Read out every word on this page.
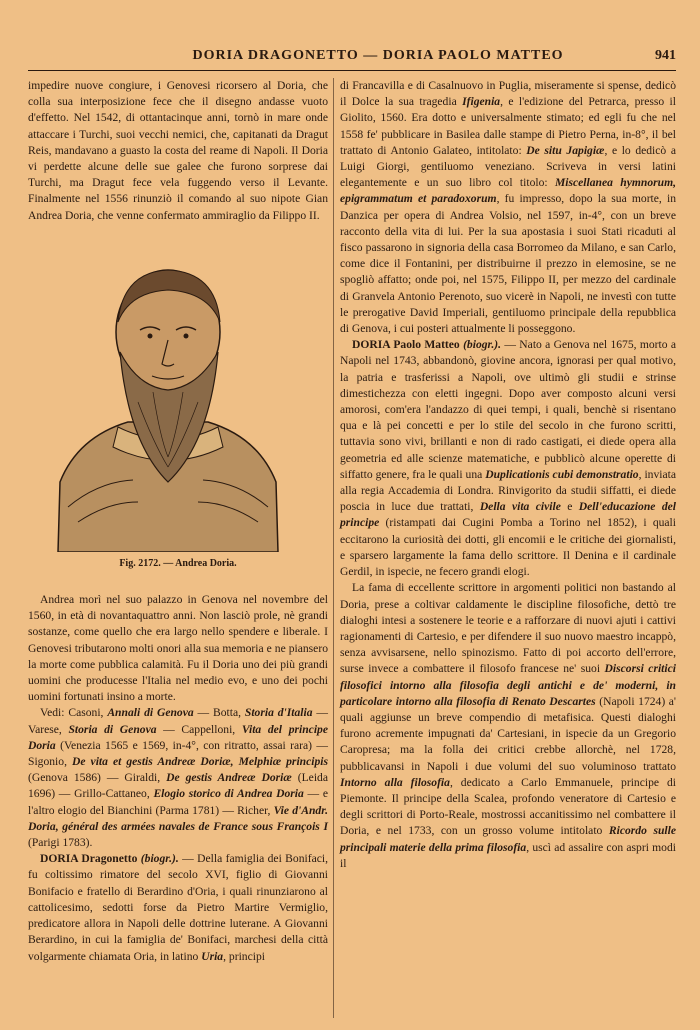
DORIA DRAGONETTO — DORIA PAOLO MATTEO	941

impedire nuove congiure, i Genovesi ricorsero al Doria, che colla sua interposizione fece che il disegno andasse vuoto d'effetto. Nel 1542, di ottantacinque anni, tornò in mare onde attaccare i Turchi, suoi vecchi nemici, che, capitanati da Dragut Reis, mandavano a guasto la costa del reame di Napoli. Il Doria vi perdette alcune delle sue galee che furono sorprese dai Turchi, ma Dragut fece vela fuggendo verso il Levante. Finalmente nel 1556 rinunziò il comando al suo nipote Gian Andrea Doria, che venne confermato ammiraglio da Filippo II.

Fig. 2172. — Andrea Doria.

Andrea morì nel suo palazzo in Genova nel novembre del 1560, in età di novantaquattro anni. Non lasciò prole, nè grandi sostanze, come quello che era largo nello spendere e liberale. I Genovesi tributarono molti onori alla sua memoria e ne piansero la morte come pubblica calamità. Fu il Doria uno dei più grandi uomini che producesse l'Italia nel medio evo, e uno dei pochi uomini fortunati insino a morte.

Vedi: Casoni, Annali di Genova — Botta, Storia d'Italia — Varese, Storia di Genova — Cappelloni, Vita del principe Doria (Venezia 1565 e 1569, in-4°, con ritratto, assai rara) — Sigonio, De vita et gestis Andreæ Doriæ, Melphiæ principis (Genova 1586) — Giraldi, De gestis Andreæ Doriæ (Leida 1696) — Grillo-Cattaneo, Elogio storico di Andrea Doria — e l'altro elogio del Bianchini (Parma 1781) — Richer, Vie d'Andr. Doria, général des armées navales de France sous François I (Parigi 1783).

DORIA Dragonetto (biogr.). — Della famiglia dei Bonifaci, fu coltissimo rimatore del secolo XVI, figlio di Giovanni Bonifacio e fratello di Berardino d'Oria, i quali rinunziarono al cattolicesimo, sedotti forse da Pietro Martire Vermiglio, predicatore allora in Napoli delle dottrine luterane. A Giovanni Berardino, in cui la famiglia de' Bonifaci, marchesi della città volgarmente chiamata Oria, in latino Uria, principi

di Francavilla e di Casalnuovo in Puglia, miseramente si spense, dedicò il Dolce la sua tragedia Ifigenia, e l'edizione del Petrarca, presso il Giolito, 1560. Era dotto e universalmente stimato; ed egli fu che nel 1558 fe' pubblicare in Basilea dalle stampe di Pietro Perna, in-8°, il bel trattato di Antonio Galateo, intitolato: De situ Japigiæ, e lo dedicò a Luigi Giorgi, gentiluomo veneziano. Scriveva in versi latini elegantemente e un suo libro col titolo: Miscellanea hymnorum, epigrammatum et paradoxorum, fu impresso, dopo la sua morte, in Danzica per opera di Andrea Volsio, nel 1597, in-4°, con un breve racconto della vita di lui. Per la sua apostasia i suoi Stati ricaduti al fisco passarono in signoria della casa Borromeo da Milano, e san Carlo, come dice il Fontanini, per distribuirne il prezzo in elemosine, se ne spogliò affatto; onde poi, nel 1575, Filippo II, per mezzo del cardinale di Granvela Antonio Perenoto, suo vicerè in Napoli, ne investì con tutte le prerogative David Imperiali, gentiluomo principale della repubblica di Genova, i cui posteri attualmente li posseggono.

DORIA Paolo Matteo (biogr.). — Nato a Genova nel 1675, morto a Napoli nel 1743, abbandonò, giovine ancora, ignorasi per qual motivo, la patria e trasferissi a Napoli, ove ultimò gli studii e strinse dimestichezza con eletti ingegni. Dopo aver composto alcuni versi amorosi, com'era l'andazzo di quei tempi, i quali, benchè si risentano qua e là pei concetti e per lo stile del secolo in che furono scritti, tuttavia sono vivi, brillanti e non di rado castigati, ei diede opera alla geometria ed alle scienze matematiche, e pubblicò alcune operette di siffatto genere, fra le quali una Duplicationis cubi demonstratio, inviata alla regia Accademia di Londra. Rinvigorito da studii siffatti, ei diede poscia in luce due trattati, Della vita civile e Dell'educazione del principe (ristampati dai Cugini Pomba a Torino nel 1852), i quali eccitarono la curiosità dei dotti, gli encomii e le critiche dei giornalisti, e sparsero largamente la fama dello scrittore. Il Denina e il cardinale Gerdil, in ispecie, ne fecero grandi elogi.

La fama di eccellente scrittore in argomenti politici non bastando al Doria, prese a coltivar caldamente le discipline filosofiche, dettò tre dialoghi intesi a sostenere le teorie e a rafforzare di nuovi ajuti i cattivi ragionamenti di Cartesio, e per difendere il suo nuovo maestro incappò, senza avvisarsene, nello spinozismo. Fatto di poi accorto dell'errore, surse invece a combattere il filosofo francese ne' suoi Discorsi critici filosofici intorno alla filosofia degli antichi e de' moderni, in particolare intorno alla filosofia di Renato Descartes (Napoli 1724) a' quali aggiunse un breve compendio di metafisica. Questi dialoghi furono acremente impugnati da' Cartesiani, in ispecie da un Gregorio Caropresa; ma la folla dei critici crebbe allorchè, nel 1728, pubblicavansi in Napoli i due volumi del suo voluminoso trattato Intorno alla filosofia, dedicato a Carlo Emmanuele, principe di Piemonte. Il principe della Scalea, profondo veneratore di Cartesio e degli scrittori di Porto-Reale, mostrossi accanitissimo nel combattere il Doria, e nel 1733, con un grosso volume intitolato Ricordo sulle principali materie della prima filosofia, uscì ad assalire con aspri modi il
